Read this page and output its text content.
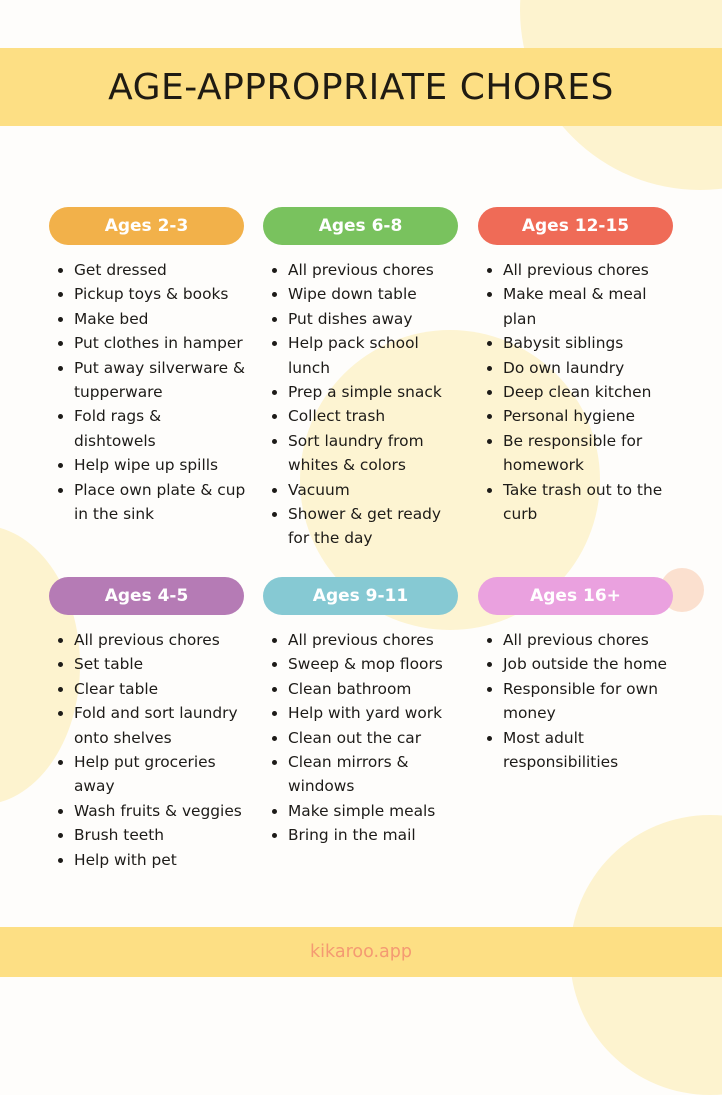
AGE-APPROPRIATE CHORES
Ages 2-3
Get dressed
Pickup toys & books
Make bed
Put clothes in hamper
Put away silverware & tupperware
Fold rags & dishtowels
Help wipe up spills
Place own plate & cup in the sink
Ages 6-8
All previous chores
Wipe down table
Put dishes away
Help pack school lunch
Prep a simple snack
Collect trash
Sort laundry from whites & colors
Vacuum
Shower & get ready for the day
Ages 12-15
All previous chores
Make meal & meal plan
Babysit siblings
Do own laundry
Deep clean kitchen
Personal hygiene
Be responsible for homework
Take trash out to the curb
Ages 4-5
All previous chores
Set table
Clear table
Fold and sort laundry onto shelves
Help put groceries away
Wash fruits & veggies
Brush teeth
Help with pet
Ages 9-11
All previous chores
Sweep & mop floors
Clean bathroom
Help with yard work
Clean out the car
Clean mirrors & windows
Make simple meals
Bring in the mail
Ages 16+
All previous chores
Job outside the home
Responsible for own money
Most adult responsibilities
kikaroo.app
